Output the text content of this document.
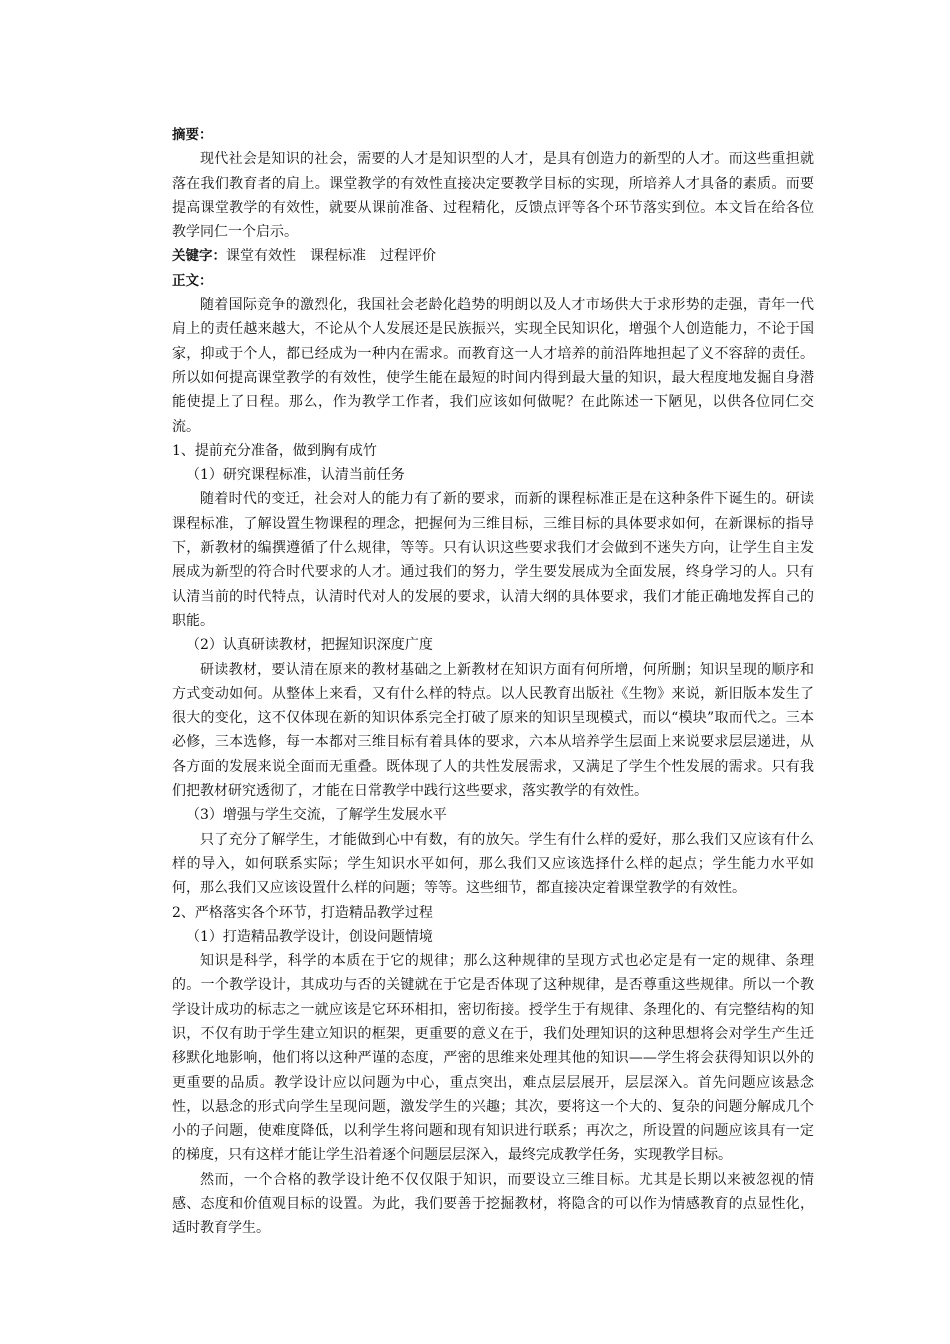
摘要：

现代社会是知识的社会，需要的人才是知识型的人才，是具有创造力的新型的人才。而这些重担就落在我们教育者的肩上。课堂教学的有效性直接决定要教学目标的实现，所培养人才具备的素质。而要提高课堂教学的有效性，就要从课前准备、过程精化，反馈点评等各个环节落实到位。本文旨在给各位教学同仁一个启示。

关键字：课堂有效性 课程标准 过程评价

正文：

随着国际竞争的激烈化，我国社会老龄化趋势的明朗以及人才市场供大于求形势的走强，青年一代肩上的责任越来越大，不论从个人发展还是民族振兴，实现全民知识化，增强个人创造能力，不论于国家，抑或于个人，都已经成为一种内在需求。而教育这一人才培养的前沿阵地担起了义不容辞的责任。所以如何提高课堂教学的有效性，使学生能在最短的时间内得到最大量的知识，最大程度地发掘自身潜能使提上了日程。那么，作为教学工作者，我们应该如何做呢？在此陈述一下陋见，以供各位同仁交流。

1、提前充分准备，做到胸有成竹

（1）研究课程标准，认清当前任务

随着时代的变迁，社会对人的能力有了新的要求，而新的课程标准正是在这种条件下诞生的。研读课程标准，了解设置生物课程的理念，把握何为三维目标，三维目标的具体要求如何，在新课标的指导下，新教材的编撰遵循了什么规律，等等。只有认识这些要求我们才会做到不迷失方向，让学生自主发展成为新型的符合时代要求的人才。通过我们的努力，学生要发展成为全面发展，终身学习的人。只有认清当前的时代特点，认清时代对人的发展的要求，认清大纲的具体要求，我们才能正确地发挥自己的职能。

（2）认真研读教材，把握知识深度广度

研读教材，要认清在原来的教材基础之上新教材在知识方面有何所增，何所删；知识呈现的顺序和方式变动如何。从整体上来看，又有什么样的特点。以人民教育出版社《生物》来说，新旧版本发生了很大的变化，这不仅体现在新的知识体系完全打破了原来的知识呈现模式，而以“模块”取而代之。三本必修，三本选修，每一本都对三维目标有着具体的要求，六本从培养学生层面上来说要求层层递进，从各方面的发展来说全面而无重叠。既体现了人的共性发展需求，又满足了学生个性发展的需求。只有我们把教材研究透彻了，才能在日常教学中践行这些要求，落实教学的有效性。

（3）增强与学生交流，了解学生发展水平

只了充分了解学生，才能做到心中有数，有的放矢。学生有什么样的爱好，那么我们又应该有什么样的导入，如何联系实际；学生知识水平如何，那么我们又应该选择什么样的起点；学生能力水平如何，那么我们又应该设置什么样的问题；等等。这些细节，都直接决定着课堂教学的有效性。

2、严格落实各个环节，打造精品教学过程

（1）打造精品教学设计，创设问题情境

知识是科学，科学的本质在于它的规律；那么这种规律的呈现方式也必定是有一定的规律、条理的。一个教学设计，其成功与否的关键就在于它是否体现了这种规律，是否尊重这些规律。所以一个教学设计成功的标志之一就应该是它环环相扣，密切衔接。授学生于有规律、条理化的、有完整结构的知识，不仅有助于学生建立知识的框架，更重要的意义在于，我们处理知识的这种思想将会对学生产生迁移默化地影响，他们将以这种严谨的态度，严密的思维来处理其他的知识——学生将会获得知识以外的更重要的品质。教学设计应以问题为中心，重点突出，难点层层展开，层层深入。首先问题应该悬念性，以悬念的形式向学生呈现问题，激发学生的兴趣；其次，要将这一个大的、复杂的问题分解成几个小的子问题，使难度降低，以利学生将问题和现有知识进行联系；再次之，所设置的问题应该具有一定的梯度，只有这样才能让学生沿着逐个问题层层深入，最终完成教学任务，实现教学目标。

然而，一个合格的教学设计绝不仅仅限于知识，而要设立三维目标。尤其是长期以来被忽视的情感、态度和价值观目标的设置。为此，我们要善于挖掘教材，将隐含的可以作为情感教育的点显性化，适时教育学生。
